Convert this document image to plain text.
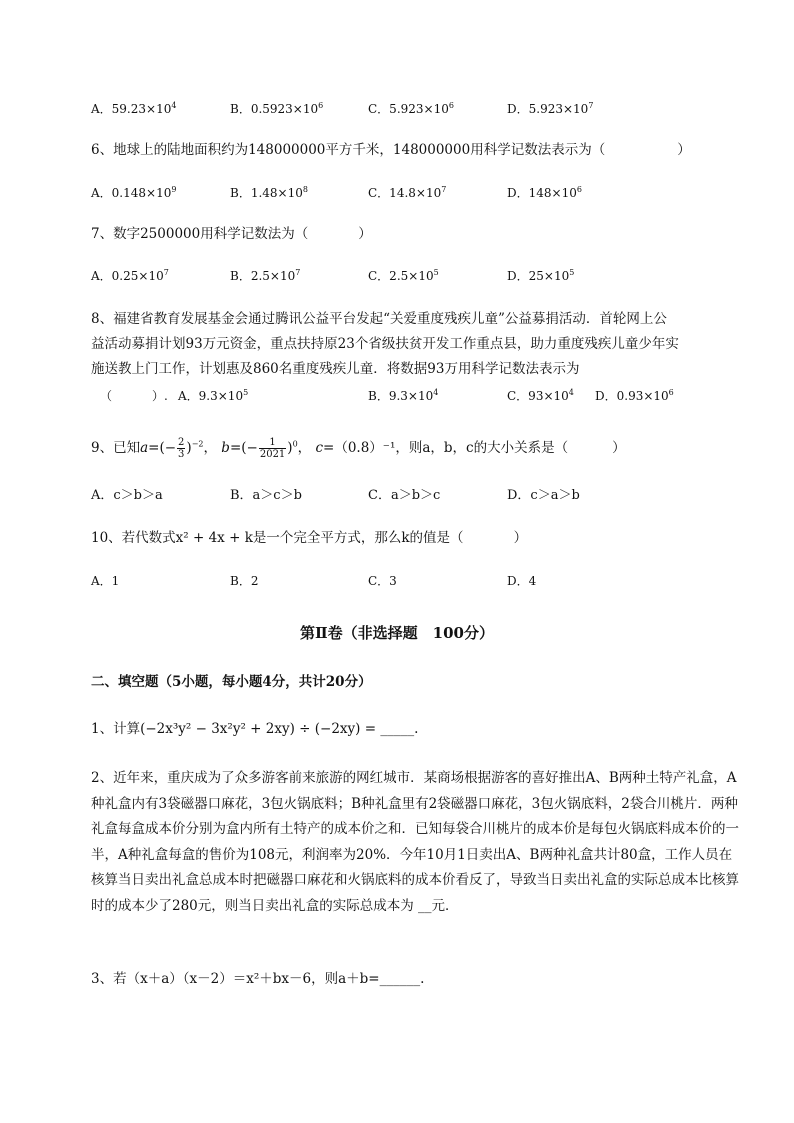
A．$59.23\times 10^4$	B．$0.5923\times 10^6$	C．$5.923\times 10^6$	D．$5.923\times 10^7$
6、地球上的陆地面积约为148000000平方千米，148000000用科学记数法表示为（	）
A．$0.148\times 10^9$	B．$1.48\times 10^8$	C．$14.8\times 10^7$	D．$148\times 10^6$
7、数字2500000用科学记数法为（	）
A．$0.25\times 10^7$	B．$2.5\times 10^7$	C．$2.5\times 10^5$	D．$25\times 10^5$
8、福建省教育发展基金会通过腾讯公益平台发起“关爱重度残疾儿童”公益募捐活动．首轮网上公
益活动募捐计划93万元资金，重点扶持原23个省级扶贫开发工作重点县，助力重度残疾儿童少年实
施送教上门工作，计划惠及860名重度残疾儿童．将数据93万用科学记数法表示为
（	）. A．$9.3\times 10^5$	B．$9.3\times 10^4$	C．$93\times 10^4$ D．$0.93\times 10^6$
9、已知$a=(- \frac{2}{3} )^{-2}$， $b=(- \frac{1}{2021} )^0$， c=（0.8）⁻¹，则a，b，c的大小关系是（	）
A．c＞b＞a	B．a＞c＞b	C．a＞b＞c	D．c＞a＞b
10、若代数式x² + 4x + k是一个完全平方式，那么k的值是（	）
A．1	B．2	C．3	D．4
第Ⅱ卷（非选择题　100分）
二、填空题（5小题，每小题4分，共计20分）
1、计算(−2x³y² − 3x²y² + 2xy) ÷ (−2xy) = _____.
2、近年来，重庆成为了众多游客前来旅游的网红城市．某商场根据游客的喜好推出A、B两种土特产礼盒，A种礼盒内有3袋磁器口麻花，3包火锅底料；B种礼盒里有2袋磁器口麻花，3包火锅底料，2袋合川桃片．两种礼盒每盒成本价分别为盒内所有土特产的成本价之和．已知每袋合川桃片的成本价是每包火锅底料成本价的一半，A种礼盒每盒的售价为108元，利润率为20%．今年10月1日卖出A、B两种礼盒共计80盒，工作人员在核算当日卖出礼盒总成本时把磁器口麻花和火锅底料的成本价看反了，导致当日卖出礼盒的实际总成本比核算时的成本少了280元，则当日卖出礼盒的实际总成本为 __元．
3、若（x＋a）（x－2）＝x²＋bx－6，则a＋b=______.
